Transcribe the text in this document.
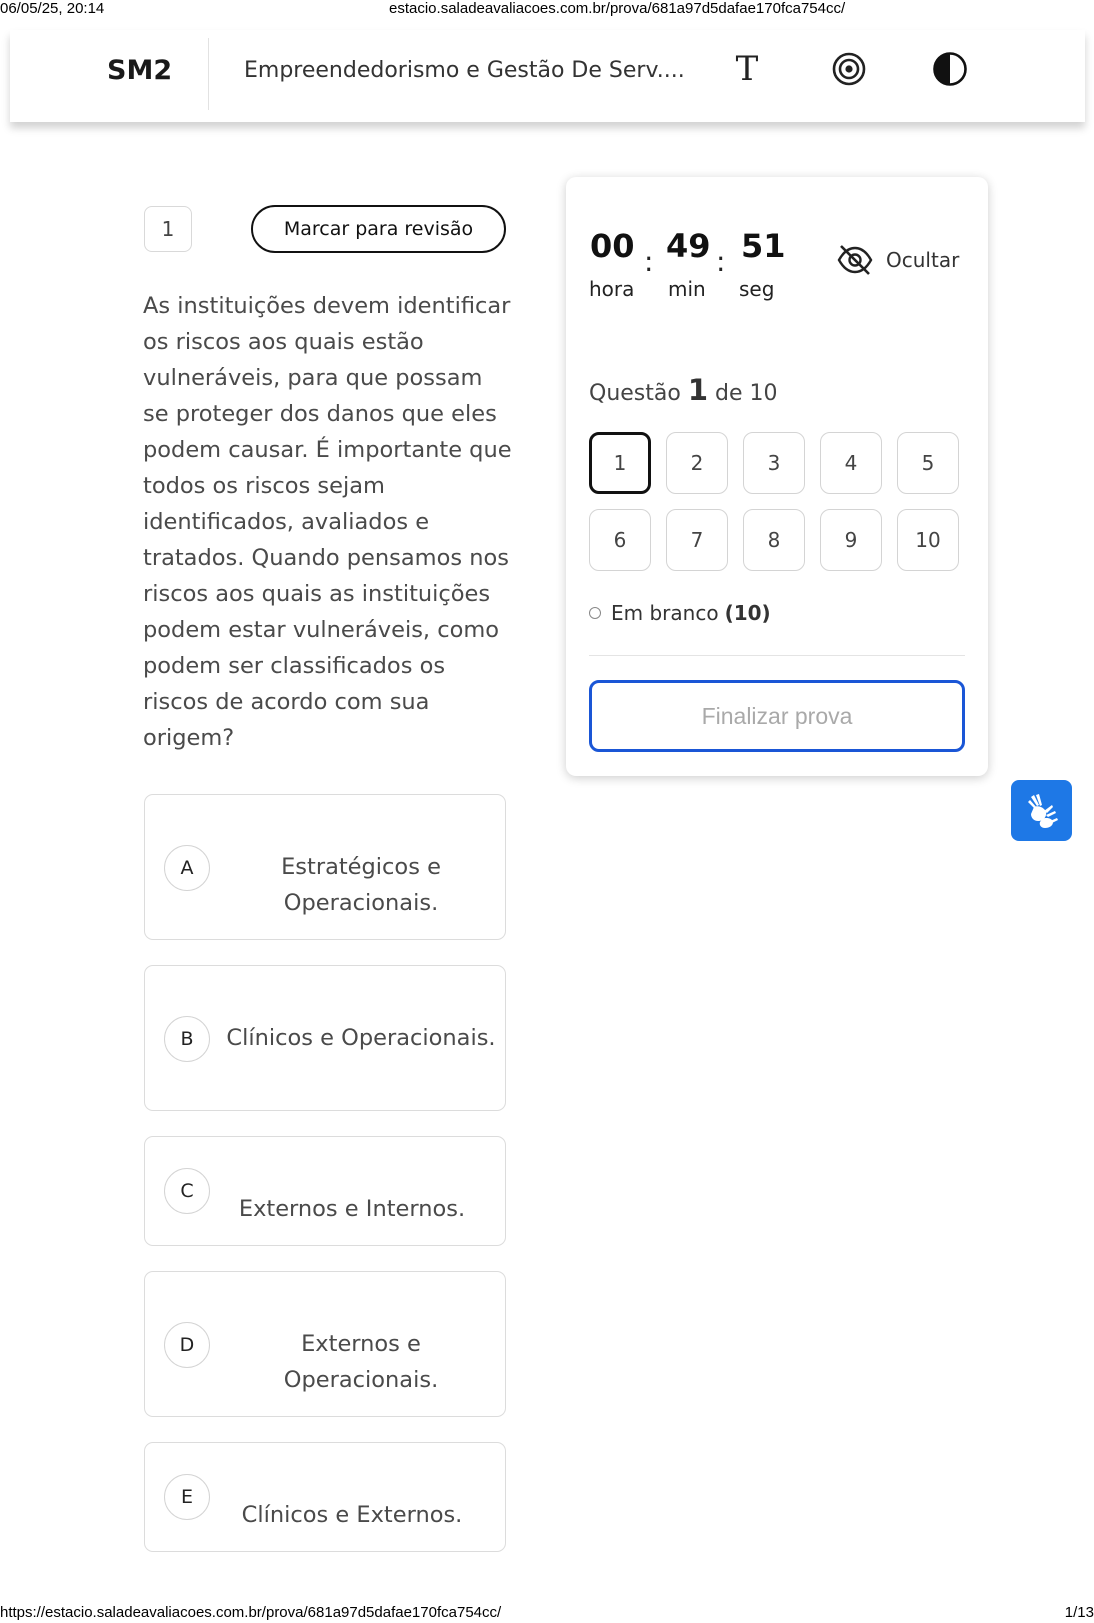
06/05/25, 20:14	estacio.saladeavaliacoes.com.br/prova/681a97d5dafae170fca754cc/
SM2	Empreendedorismo e Gestão De Serv.... T
1	Marcar para revisão

As instituições devem identificar os riscos aos quais estão vulneráveis, para que possam se proteger dos danos que eles podem causar. É importante que todos os riscos sejam identificados, avaliados e tratados. Quando pensamos nos riscos aos quais as instituições podem estar vulneráveis, como podem ser classificados os riscos de acordo com sua origem?

A	Estratégicos e Operacionais.
B	Clínicos e Operacionais.
C
Externos e Internos.
D	Externos e Operacionais.
E
Clínicos e Externos.
00 : 49 : 51
hora min seg
Ocultar
Questão 1 de 10
1	2	3	4	5
6	7	8	9	10
Em branco (10)
Finalizar prova
https://estacio.saladeavaliacoes.com.br/prova/681a97d5dafae170fca754cc/	1/13
